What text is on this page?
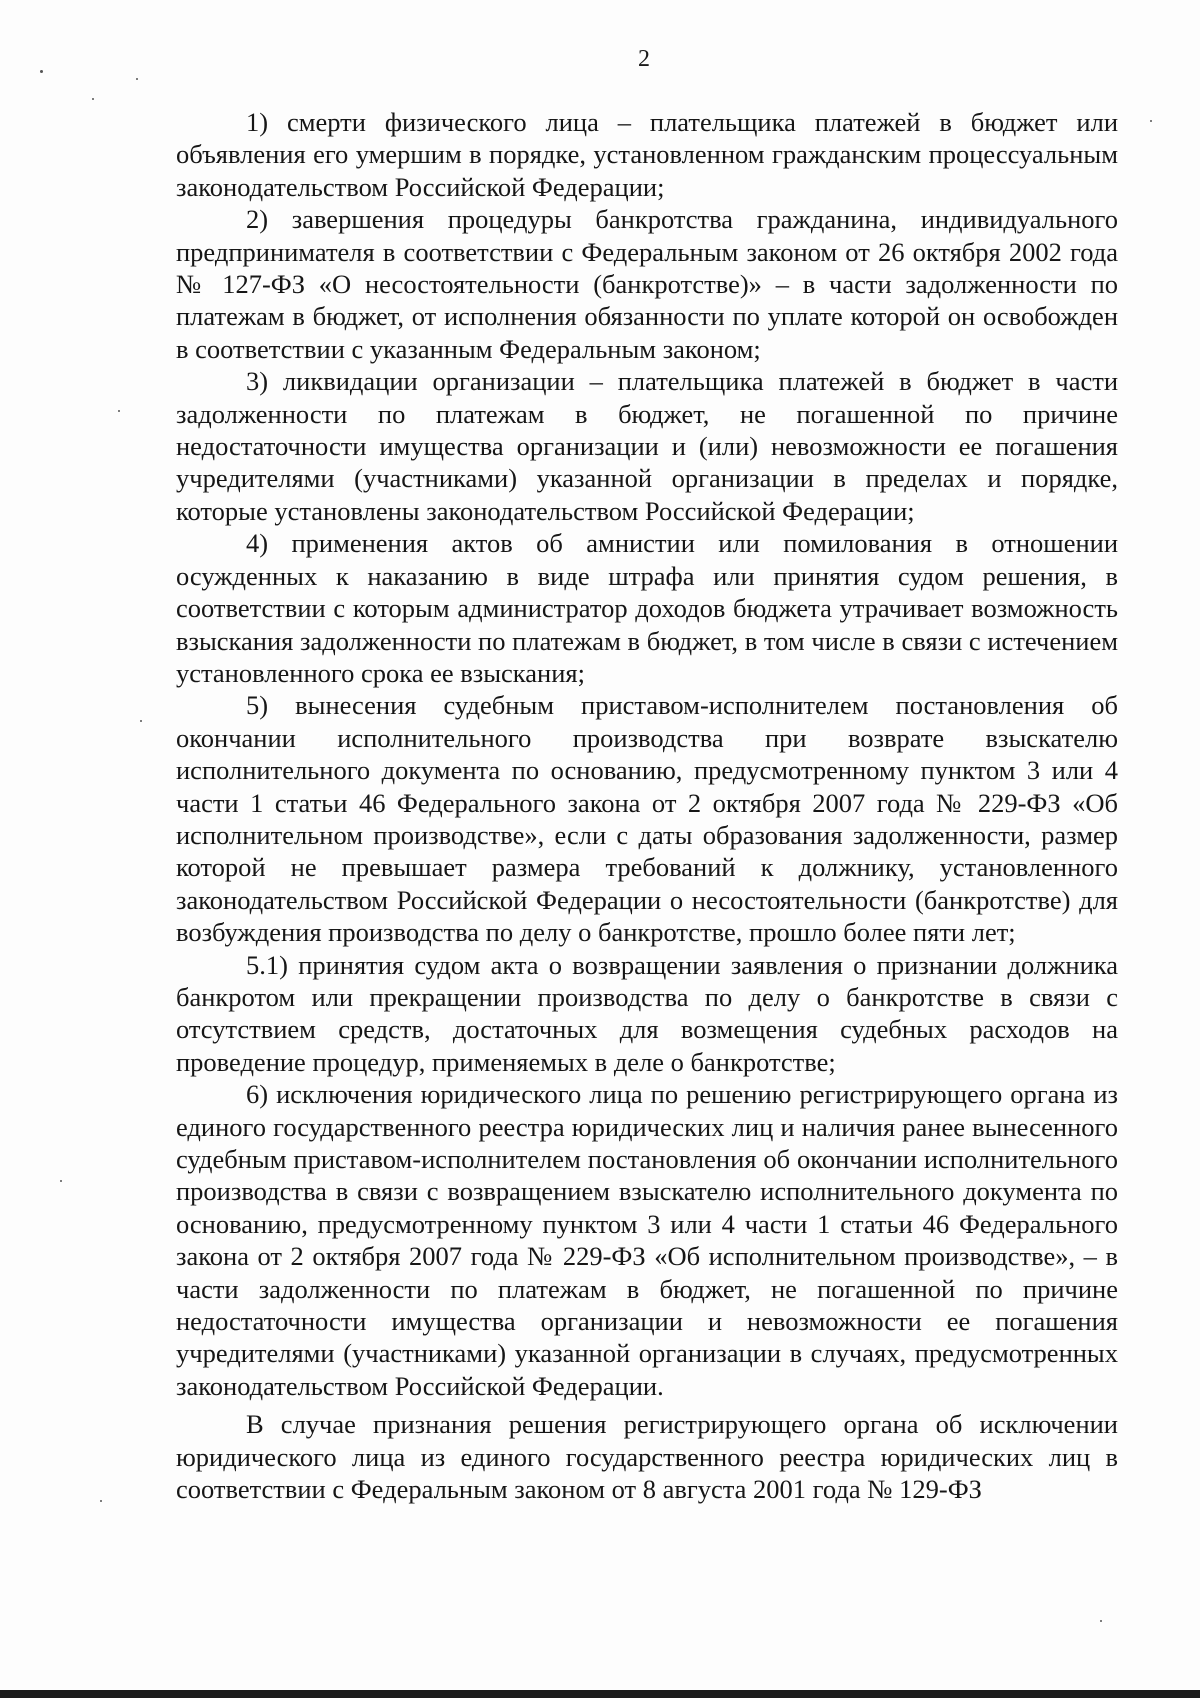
2

1) смерти физического лица – плательщика платежей в бюджет или объявления его умершим в порядке, установленном гражданским процессуальным законодательством Российской Федерации;

2) завершения процедуры банкротства гражданина, индивидуального предпринимателя в соответствии с Федеральным законом от 26 октября 2002 года № 127-ФЗ «О несостоятельности (банкротстве)» – в части задолженности по платежам в бюджет, от исполнения обязанности по уплате которой он освобожден в соответствии с указанным Федеральным законом;

3) ликвидации организации – плательщика платежей в бюджет в части задолженности по платежам в бюджет, не погашенной по причине недостаточности имущества организации и (или) невозможности ее погашения учредителями (участниками) указанной организации в пределах и порядке, которые установлены законодательством Российской Федерации;

4) применения актов об амнистии или помилования в отношении осужденных к наказанию в виде штрафа или принятия судом решения, в соответствии с которым администратор доходов бюджета утрачивает возможность взыскания задолженности по платежам в бюджет, в том числе в связи с истечением установленного срока ее взыскания;

5) вынесения судебным приставом-исполнителем постановления об окончании исполнительного производства при возврате взыскателю исполнительного документа по основанию, предусмотренному пунктом 3 или 4 части 1 статьи 46 Федерального закона от 2 октября 2007 года № 229-ФЗ «Об исполнительном производстве», если с даты образования задолженности, размер которой не превышает размера требований к должнику, установленного законодательством Российской Федерации о несостоятельности (банкротстве) для возбуждения производства по делу о банкротстве, прошло более пяти лет;

5.1) принятия судом акта о возвращении заявления о признании должника банкротом или прекращении производства по делу о банкротстве в связи с отсутствием средств, достаточных для возмещения судебных расходов на проведение процедур, применяемых в деле о банкротстве;

6) исключения юридического лица по решению регистрирующего органа из единого государственного реестра юридических лиц и наличия ранее вынесенного судебным приставом-исполнителем постановления об окончании исполнительного производства в связи с возвращением взыскателю исполнительного документа по основанию, предусмотренному пунктом 3 или 4 части 1 статьи 46 Федерального закона от 2 октября 2007 года № 229-ФЗ «Об исполнительном производстве», – в части задолженности по платежам в бюджет, не погашенной по причине недостаточности имущества организации и невозможности ее погашения учредителями (участниками) указанной организации в случаях, предусмотренных законодательством Российской Федерации.

В случае признания решения регистрирующего органа об исключении юридического лица из единого государственного реестра юридических лиц в соответствии с Федеральным законом от 8 августа 2001 года № 129-ФЗ
